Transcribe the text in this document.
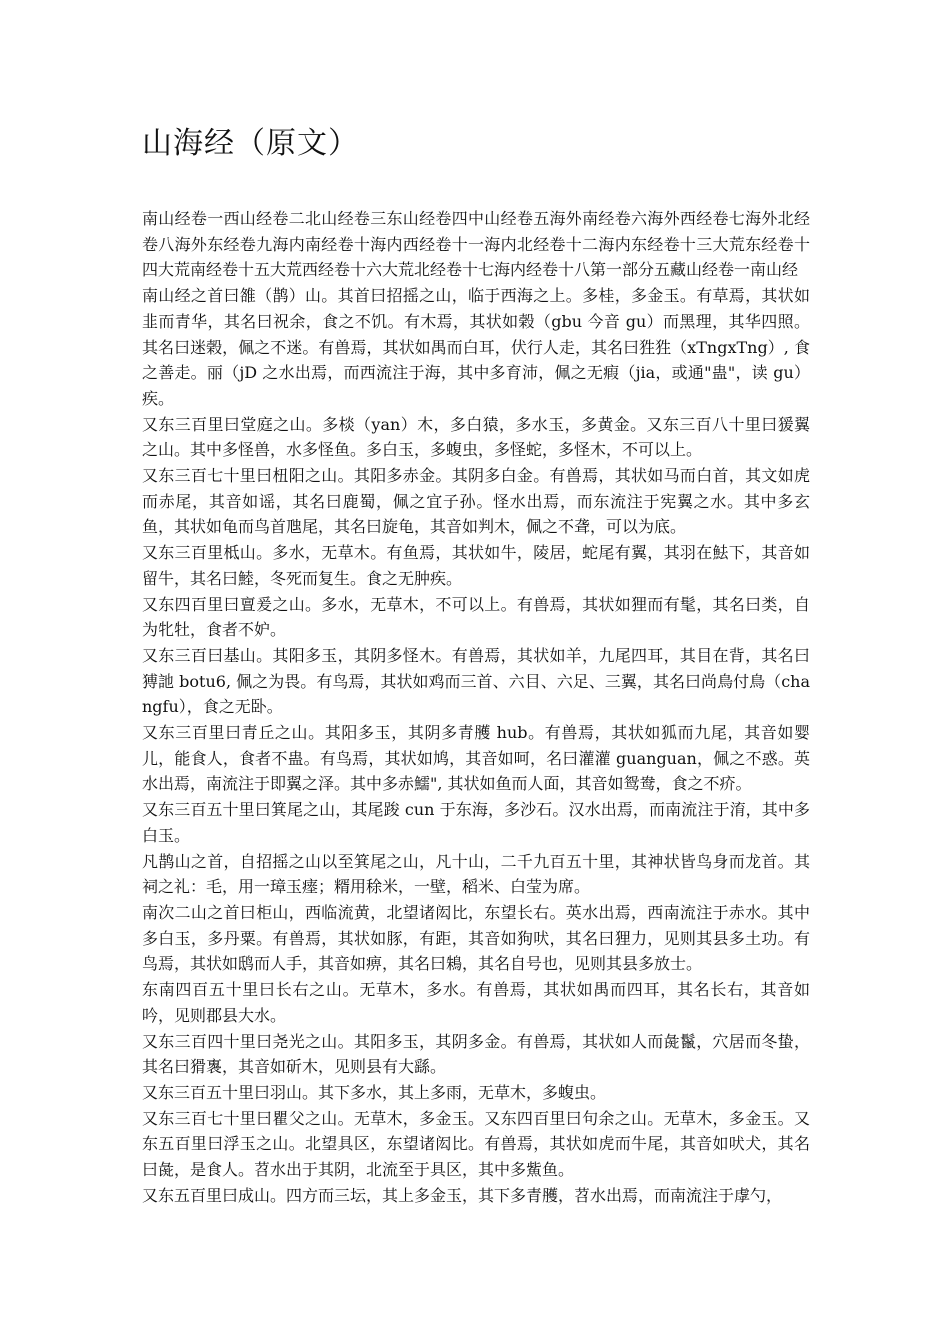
山海经（原文）

南山经卷一西山经卷二北山经卷三东山经卷四中山经卷五海外南经卷六海外西经卷七海外北经卷八海外东经卷九海内南经卷十海内西经卷十一海内北经卷十二海内东经卷十三大荒东经卷十四大荒南经卷十五大荒西经卷十六大荒北经卷十七海内经卷十八第一部分五藏山经卷一南山经

南山经之首曰雒（鹊）山。其首曰招摇之山，临于西海之上。多桂，多金玉。有草焉，其状如韭而青华，其名曰祝余，食之不饥。有木焉，其状如榖（gbu 今音 gu）而黑理，其华四照。其名曰迷榖，佩之不迷。有兽焉，其状如禺而白耳，伏行人走，其名曰狌狌（xTngxTng）, 食之善走。丽（jD 之水出焉，而西流注于海，其中多育沛，佩之无瘕（jia，或通"蛊"，读 gu）疾。

又东三百里曰堂庭之山。多棪（yan）木，多白猿，多水玉，多黄金。又东三百八十里曰猨翼之山。其中多怪兽，水多怪鱼。多白玉，多蝮虫，多怪蛇，多怪木，不可以上。

又东三百七十里曰杻阳之山。其阳多赤金。其阴多白金。有兽焉，其状如马而白首，其文如虎而赤尾，其音如谣，其名曰鹿蜀，佩之宜子孙。怪水出焉，而东流注于宪翼之水。其中多玄鱼，其状如龟而鸟首虺尾，其名曰旋龟，其音如判木，佩之不聋，可以为底。

又东三百里柢山。多水，无草木。有鱼焉，其状如牛，陵居，蛇尾有翼，其羽在魼下，其音如留牛，其名曰鯥，冬死而复生。食之无肿疾。

又东四百里曰亶爰之山。多水，无草木，不可以上。有兽焉，其状如狸而有髦，其名曰类，自为牝牡，食者不妒。

又东三百曰基山。其阳多玉，其阴多怪木。有兽焉，其状如羊，九尾四耳，其目在背，其名曰猼訑 botu6, 佩之为畏。有鸟焉，其状如鸡而三首、六目、六足、三翼，其名曰尚鳥付鳥（changfu），食之无卧。

又东三百里曰青丘之山。其阳多玉，其阴多青雘 hub。有兽焉，其状如狐而九尾，其音如婴儿，能食人，食者不蛊。有鸟焉，其状如鸠，其音如呵，名曰灌灌 guanguan，佩之不惑。英水出焉，南流注于即翼之泽。其中多赤鱬", 其状如鱼而人面，其音如鸳鸯，食之不疥。

又东三百五十里曰箕尾之山，其尾踆 cun 于东海，多沙石。汉水出焉，而南流注于淯，其中多白玉。

凡鹊山之首，自招摇之山以至箕尾之山，凡十山，二千九百五十里，其神状皆鸟身而龙首。其祠之礼：毛，用一璋玉瘗；糈用稌米，一壁，稻米、白莹为席。

南次二山之首曰柜山，西临流黄，北望诸闳比，东望长右。英水出焉，西南流注于赤水。其中多白玉，多丹粟。有兽焉，其状如豚，有距，其音如狗吠，其名曰狸力，见则其县多土功。有鸟焉，其状如鸱而人手，其音如痹，其名曰鴸，其名自号也，见则其县多放士。

东南四百五十里曰长右之山。无草木，多水。有兽焉，其状如禺而四耳，其名长右，其音如吟，见则郡县大水。

又东三百四十里曰尧光之山。其阳多玉，其阴多金。有兽焉，其状如人而彘鬣，穴居而冬蛰，其名曰猾褢，其音如斫木，见则县有大繇。

又东三百五十里曰羽山。其下多水，其上多雨，无草木，多蝮虫。

又东三百七十里曰瞿父之山。无草木，多金玉。又东四百里曰句余之山。无草木，多金玉。又东五百里曰浮玉之山。北望具区，东望诸闳比。有兽焉，其状如虎而牛尾，其音如吠犬，其名曰彘，是食人。苕水出于其阴，北流至于具区，其中多鮆鱼。

又东五百里曰成山。四方而三坛，其上多金玉，其下多青雘，苕水出焉，而南流注于虖勺，
